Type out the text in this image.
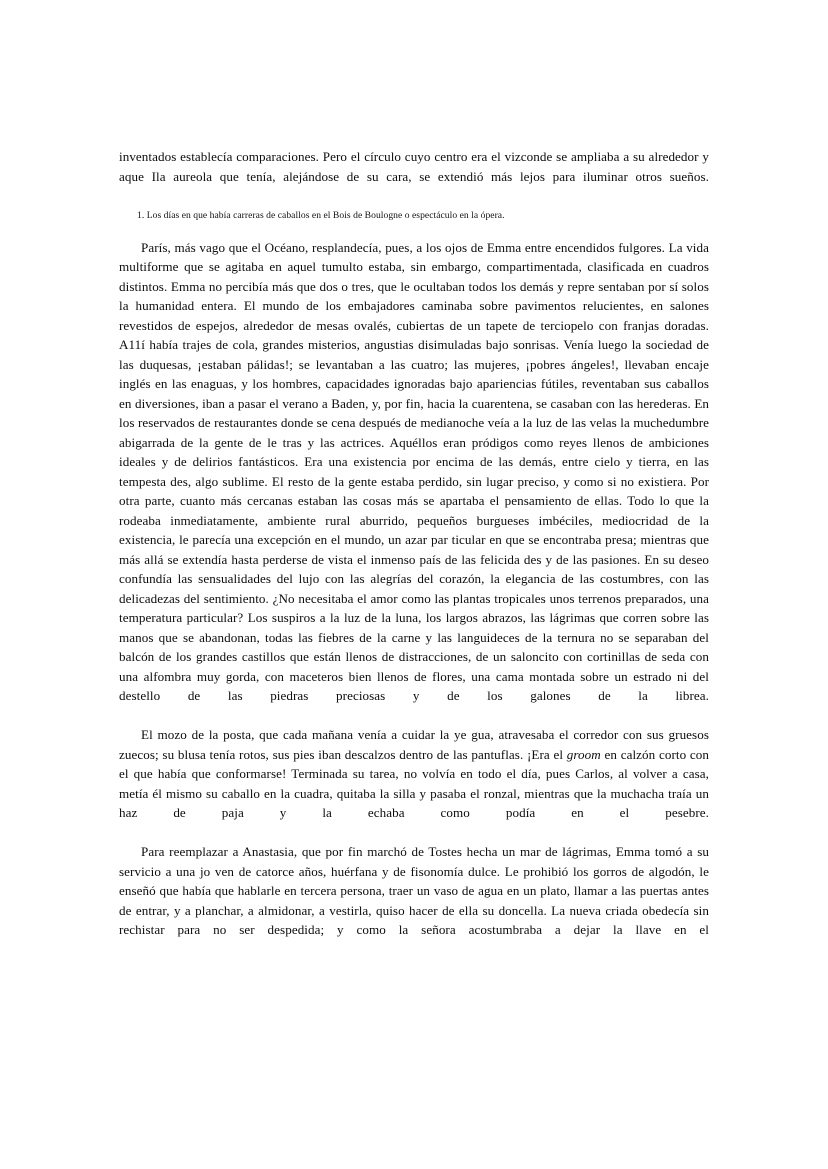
inventados establecía comparaciones. Pero el círculo cuyo centro era el vizconde se ampliaba a su alrededor y aque Ila aureola que tenía, alejándose de su cara, se extendió más lejos para iluminar otros sueños.

1. Los días en que había carreras de caballos en el Bois de Boulogne o espectáculo en la ópera.

París, más vago que el Océano, resplandecía, pues, a los ojos de Emma entre encendidos fulgores. La vida multiforme que se agitaba en aquel tumulto estaba, sin embargo, compartimentada, clasificada en cuadros distintos. Emma no percibía más que dos o tres, que le ocultaban todos los demás y repre sentaban por sí solos la humanidad entera. El mundo de los embajadores caminaba sobre pavimentos relucientes, en salones revestidos de espejos, alrededor de mesas ovalés, cubiertas de un tapete de terciopelo con franjas doradas. A11í había trajes de cola, grandes misterios, angustias disimuladas bajo sonrisas. Venía luego la sociedad de las duquesas, ¡estaban pálidas!; se levantaban a las cuatro; las mujeres, ¡pobres ángeles!, llevaban encaje inglés en las enaguas, y los hombres, capacidades ignoradas bajo apariencias fútiles, reventaban sus caballos en diversiones, iban a pasar el verano a Baden, y, por fin, hacia la cuarentena, se casaban con las herederas. En los reservados de restaurantes donde se cena después de medianoche veía a la luz de las velas la muchedumbre abigarrada de la gente de le tras y las actrices. Aquéllos eran pródigos como reyes llenos de ambiciones ideales y de delirios fantásticos. Era una existencia por encima de las demás, entre cielo y tierra, en las tempesta des, algo sublime. El resto de la gente estaba perdido, sin lugar preciso, y como si no existiera. Por otra parte, cuanto más cercanas estaban las cosas más se apartaba el pensamiento de ellas. Todo lo que la rodeaba inmediatamente, ambiente rural aburrido, pequeños burgueses imbéciles, mediocridad de la existencia, le parecía una excepción en el mundo, un azar par ticular en que se encontraba presa; mientras que más allá se extendía hasta perderse de vista el inmenso país de las felicida des y de las pasiones. En su deseo confundía las sensualidades del lujo con las alegrías del corazón, la elegancia de las costumbres, con las delicadezas del sentimiento. ¿No necesitaba el amor como las plantas tropicales unos terrenos preparados, una temperatura particular? Los suspiros a la luz de la luna, los largos abrazos, las lágrimas que corren sobre las manos que se abandonan, todas las fiebres de la carne y las languideces de la ternura no se separaban del balcón de los grandes castillos que están llenos de distracciones, de un saloncito con cortinillas de seda con una alfombra muy gorda, con maceteros bien llenos de flores, una cama montada sobre un estrado ni del destello de las piedras preciosas y de los galones de la librea.

El mozo de la posta, que cada mañana venía a cuidar la ye gua, atravesaba el corredor con sus gruesos zuecos; su blusa tenía rotos, sus pies iban descalzos dentro de las pantuflas. ¡Era el groom en calzón corto con el que había que conformarse! Terminada su tarea, no volvía en todo el día, pues Carlos, al volver a casa, metía él mismo su caballo en la cuadra, quitaba la silla y pasaba el ronzal, mientras que la muchacha traía un haz de paja y la echaba como podía en el pesebre.

Para reemplazar a Anastasia, que por fin marchó de Tostes hecha un mar de lágrimas, Emma tomó a su servicio a una jo ven de catorce años, huérfana y de fisonomía dulce. Le prohibió los gorros de algodón, le enseñó que había que hablarle en tercera persona, traer un vaso de agua en un plato, llamar a las puertas antes de entrar, y a planchar, a almidonar, a vestirla, quiso hacer de ella su doncella. La nueva criada obedecía sin rechistar para no ser despedida; y como la señora acostumbraba a dejar la llave en el
